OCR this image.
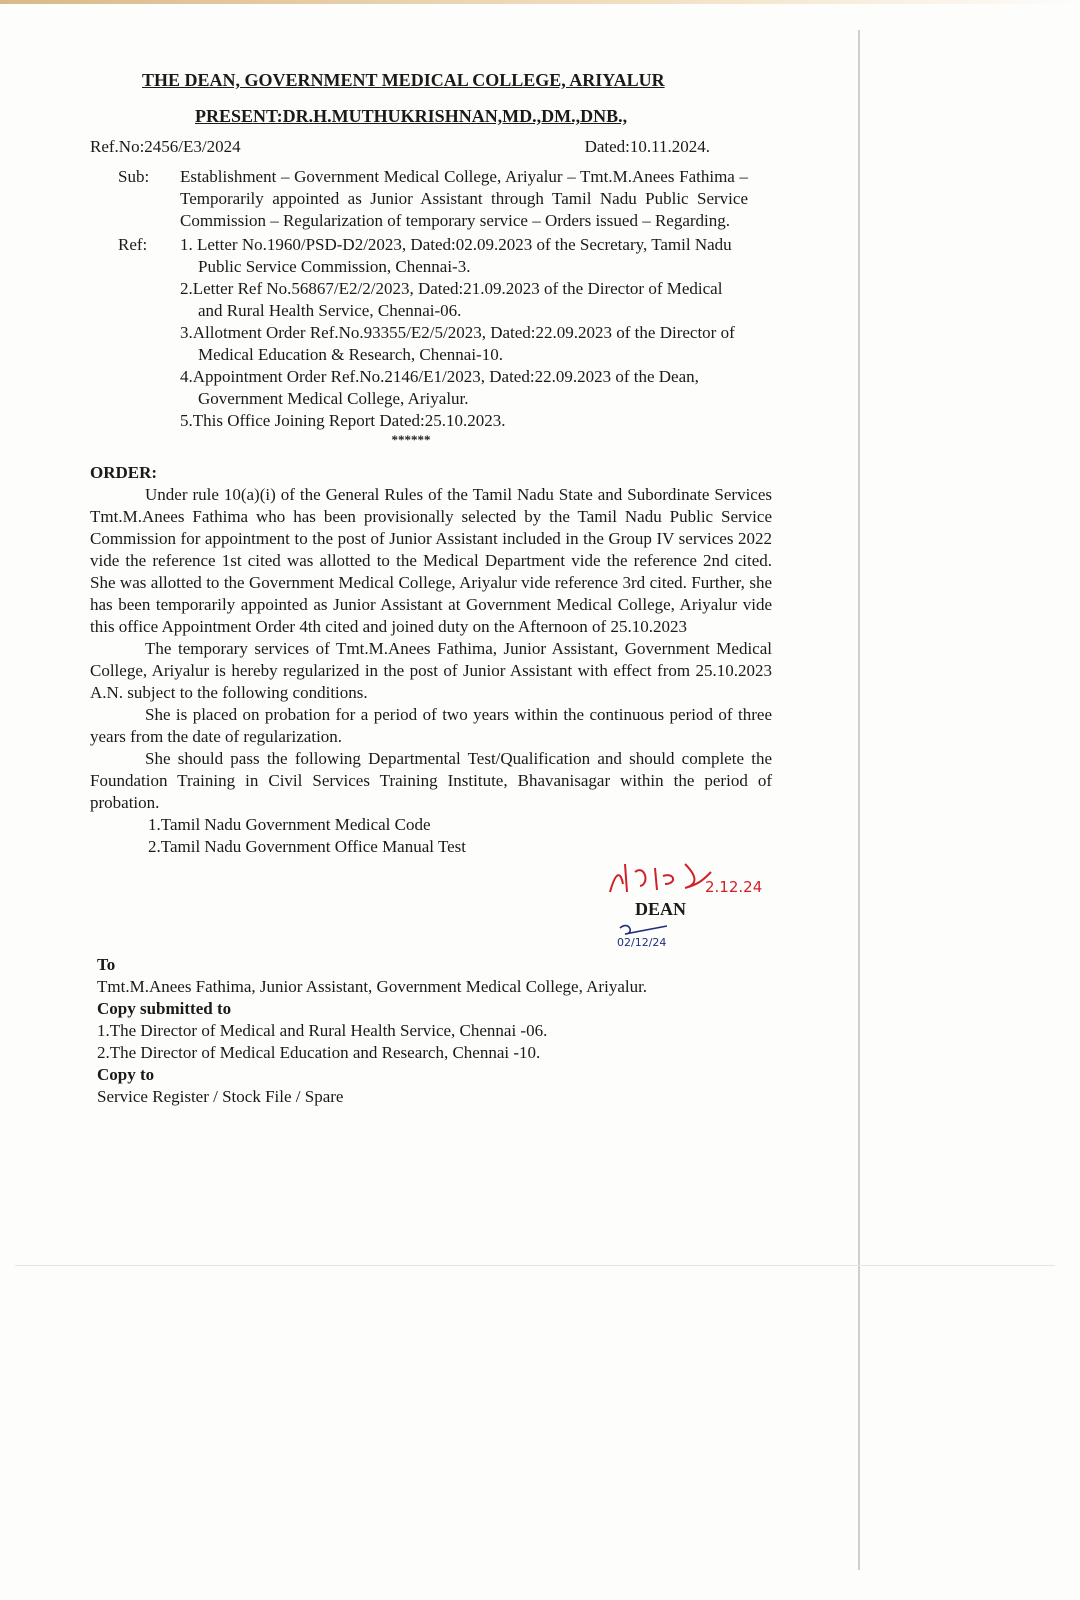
THE DEAN, GOVERNMENT MEDICAL COLLEGE, ARIYALUR
PRESENT:DR.H.MUTHUKRISHNAN,MD.,DM.,DNB.,
Ref.No:2456/E3/2024	Dated:10.11.2024.
Sub:	Establishment – Government Medical College, Ariyalur – Tmt.M.Anees Fathima – Temporarily appointed as Junior Assistant through Tamil Nadu Public Service Commission – Regularization of temporary service – Orders issued – Regarding.
Ref:	1. Letter No.1960/PSD-D2/2023, Dated:02.09.2023 of the Secretary, Tamil Nadu Public Service Commission, Chennai-3.

2.Letter Ref No.56867/E2/2/2023, Dated:21.09.2023 of the Director of Medical and Rural Health Service, Chennai-06.

3.Allotment Order Ref.No.93355/E2/5/2023, Dated:22.09.2023 of the Director of Medical Education & Research, Chennai-10.

4.Appointment Order Ref.No.2146/E1/2023, Dated:22.09.2023 of the Dean, Government Medical College, Ariyalur.

5.This Office Joining Report Dated:25.10.2023.

******
ORDER:

Under rule 10(a)(i) of the General Rules of the Tamil Nadu State and Subordinate Services Tmt.M.Anees Fathima who has been provisionally selected by the Tamil Nadu Public Service Commission for appointment to the post of Junior Assistant included in the Group IV services 2022 vide the reference 1st cited was allotted to the Medical Department vide the reference 2nd cited. She was allotted to the Government Medical College, Ariyalur vide reference 3rd cited. Further, she has been temporarily appointed as Junior Assistant at Government Medical College, Ariyalur vide this office Appointment Order 4th cited and joined duty on the Afternoon of 25.10.2023

The temporary services of Tmt.M.Anees Fathima, Junior Assistant, Government Medical College, Ariyalur is hereby regularized in the post of Junior Assistant with effect from 25.10.2023 A.N. subject to the following conditions.

She is placed on probation for a period of two years within the continuous period of three years from the date of regularization.

She should pass the following Departmental Test/Qualification and should complete the Foundation Training in Civil Services Training Institute, Bhavanisagar within the period of probation.

1.Tamil Nadu Government Medical Code
2.Tamil Nadu Government Office Manual Test
2.12.24
DEAN
02/12/24
To
Tmt.M.Anees Fathima, Junior Assistant, Government Medical College, Ariyalur.
Copy submitted to
1.The Director of Medical and Rural Health Service, Chennai -06.
2.The Director of Medical Education and Research, Chennai -10.
Copy to
Service Register / Stock File / Spare
